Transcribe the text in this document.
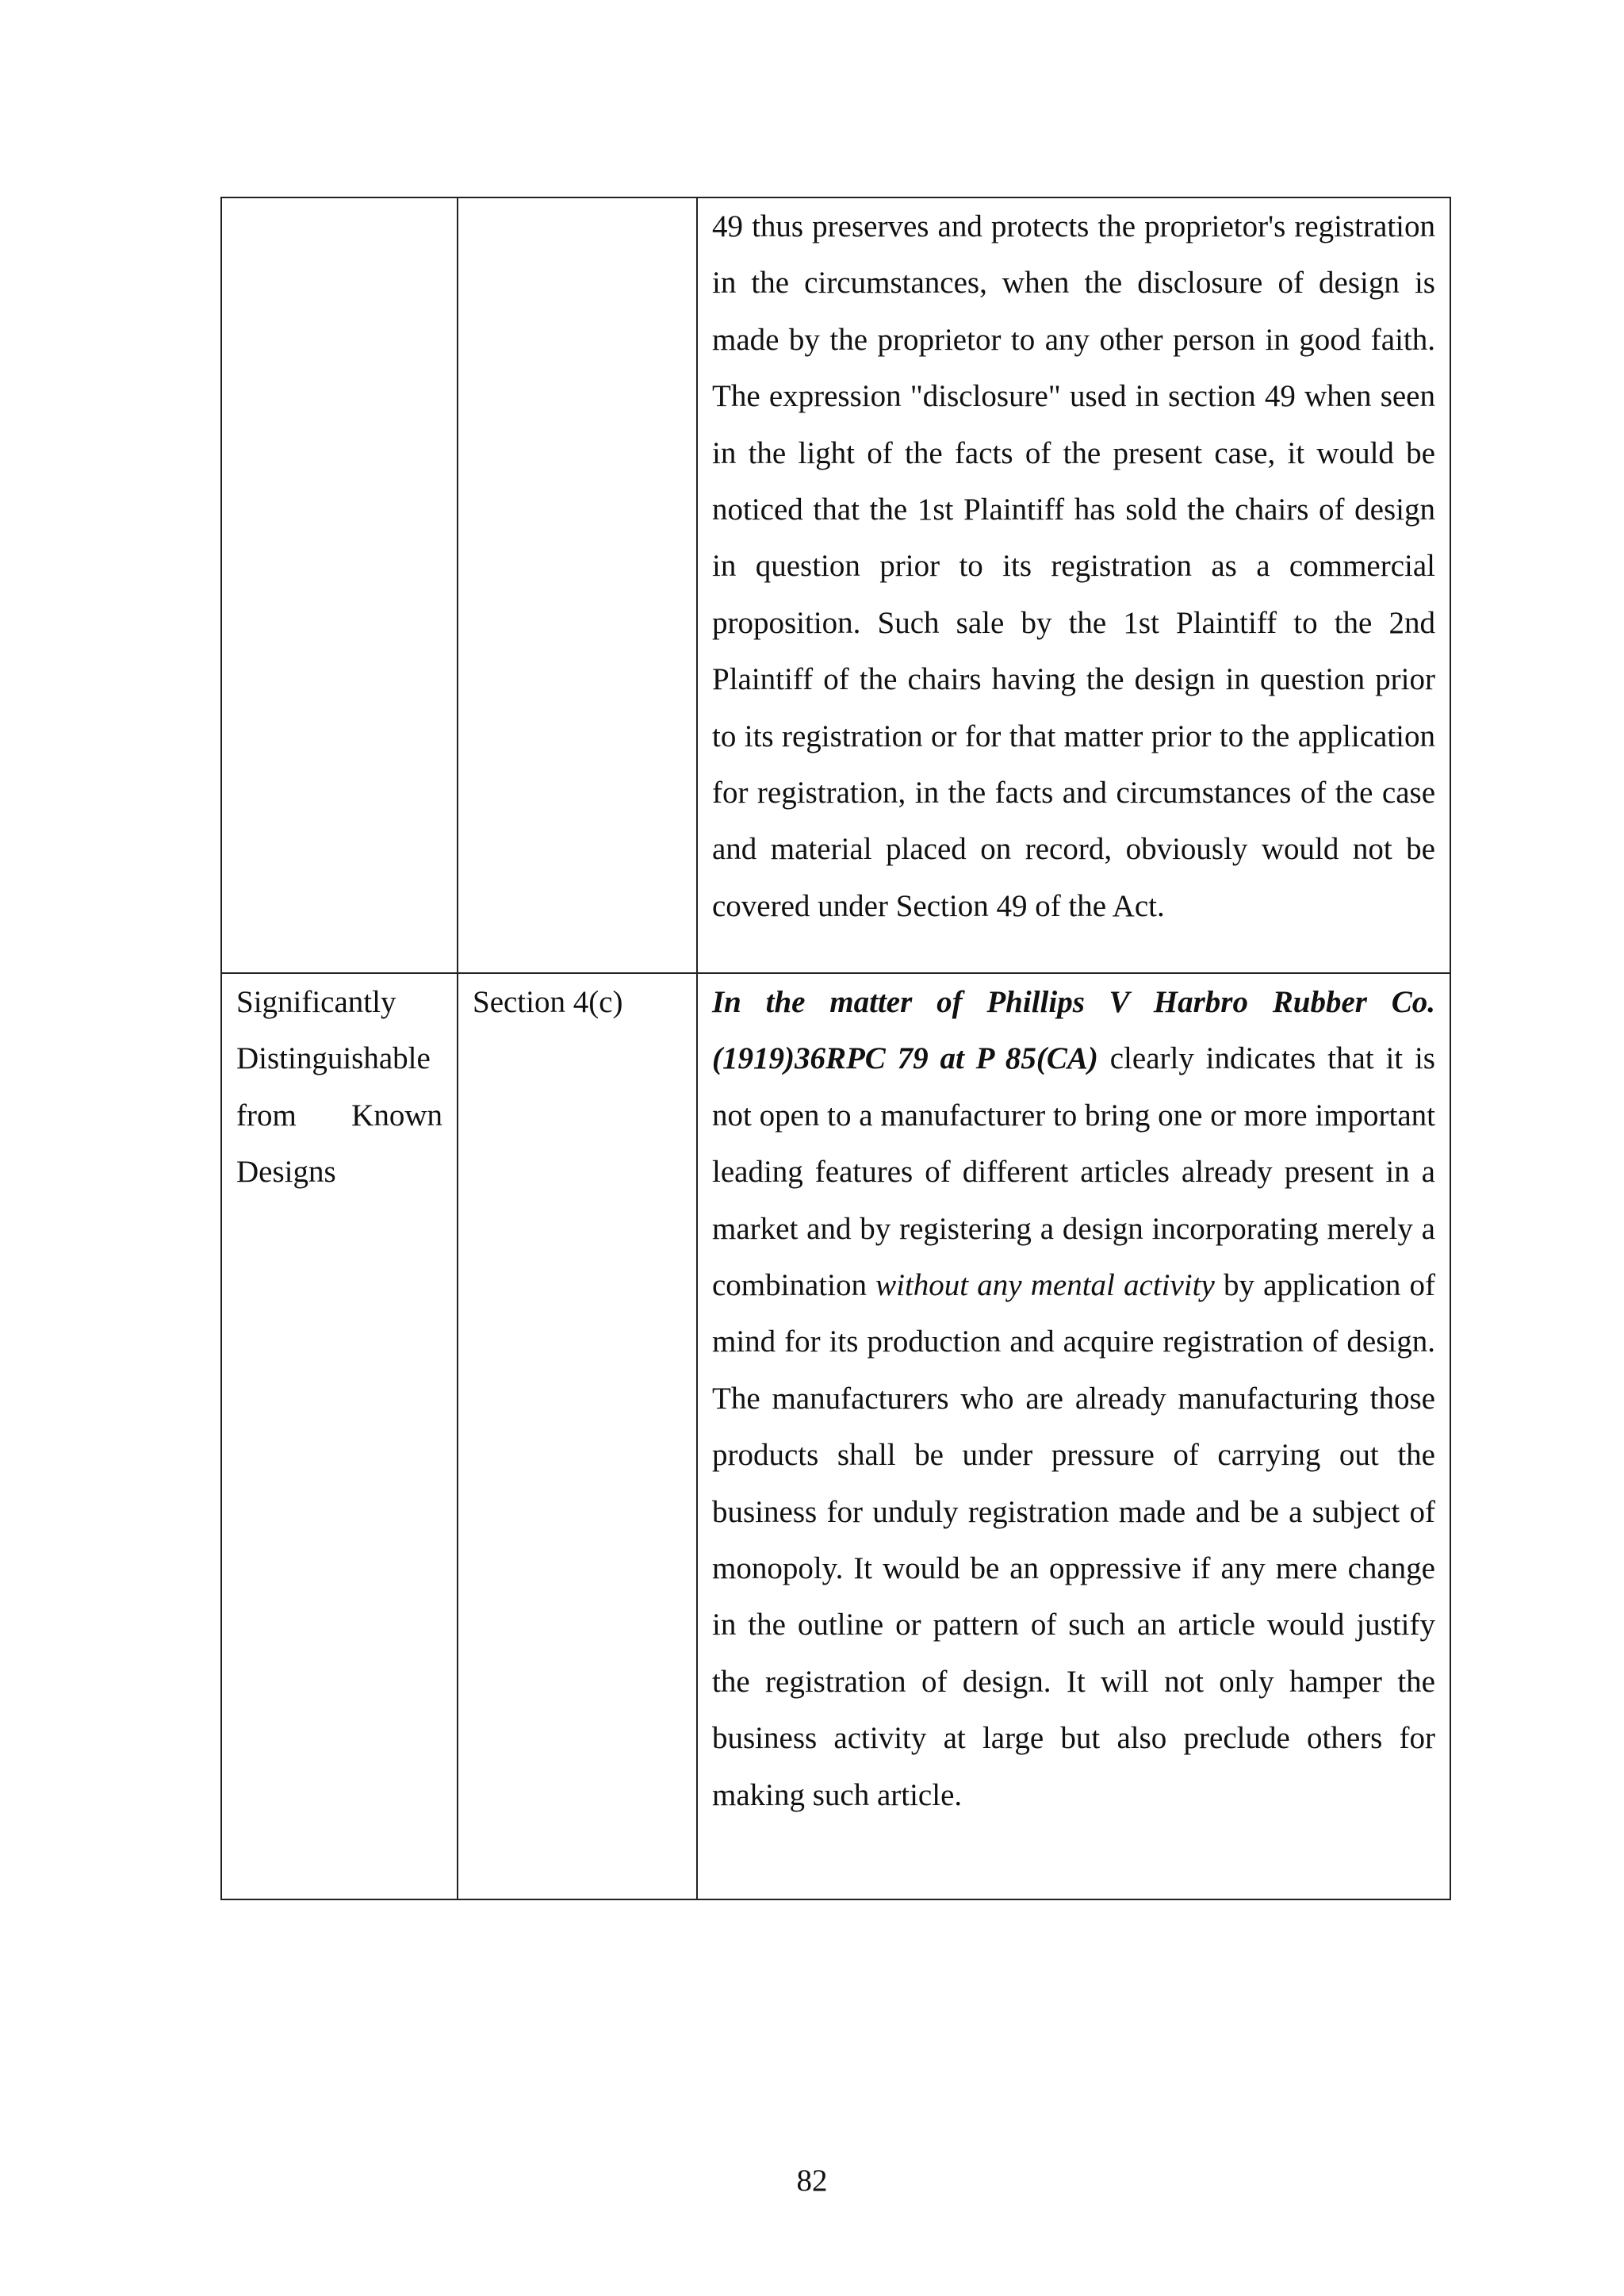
		49 thus preserves and protects the proprietor's registration in the circumstances, when the disclosure of design is made by the proprietor to any other person in good faith. The expression "disclosure" used in section 49 when seen in the light of the facts of the present case, it would be noticed that the 1st Plaintiff has sold the chairs of design in question prior to its registration as a commercial proposition. Such sale by the 1st Plaintiff to the 2nd Plaintiff of the chairs having the design in question prior to its registration or for that matter prior to the application for registration, in the facts and circumstances of the case and material placed on record, obviously would not be covered under Section 49 of the Act.

Significantly Distinguishable from Known Designs	Section 4(c)	In the matter of Phillips V Harbro Rubber Co. (1919)36RPC 79 at P 85(CA) clearly indicates that it is not open to a manufacturer to bring one or more important leading features of different articles already present in a market and by registering a design incorporating merely a combination without any mental activity by application of mind for its production and acquire registration of design. The manufacturers who are already manufacturing those products shall be under pressure of carrying out the business for unduly registration made and be a subject of monopoly. It would be an oppressive if any mere change in the outline or pattern of such an article would justify the registration of design. It will not only hamper the business activity at large but also preclude others for making such article.

82
